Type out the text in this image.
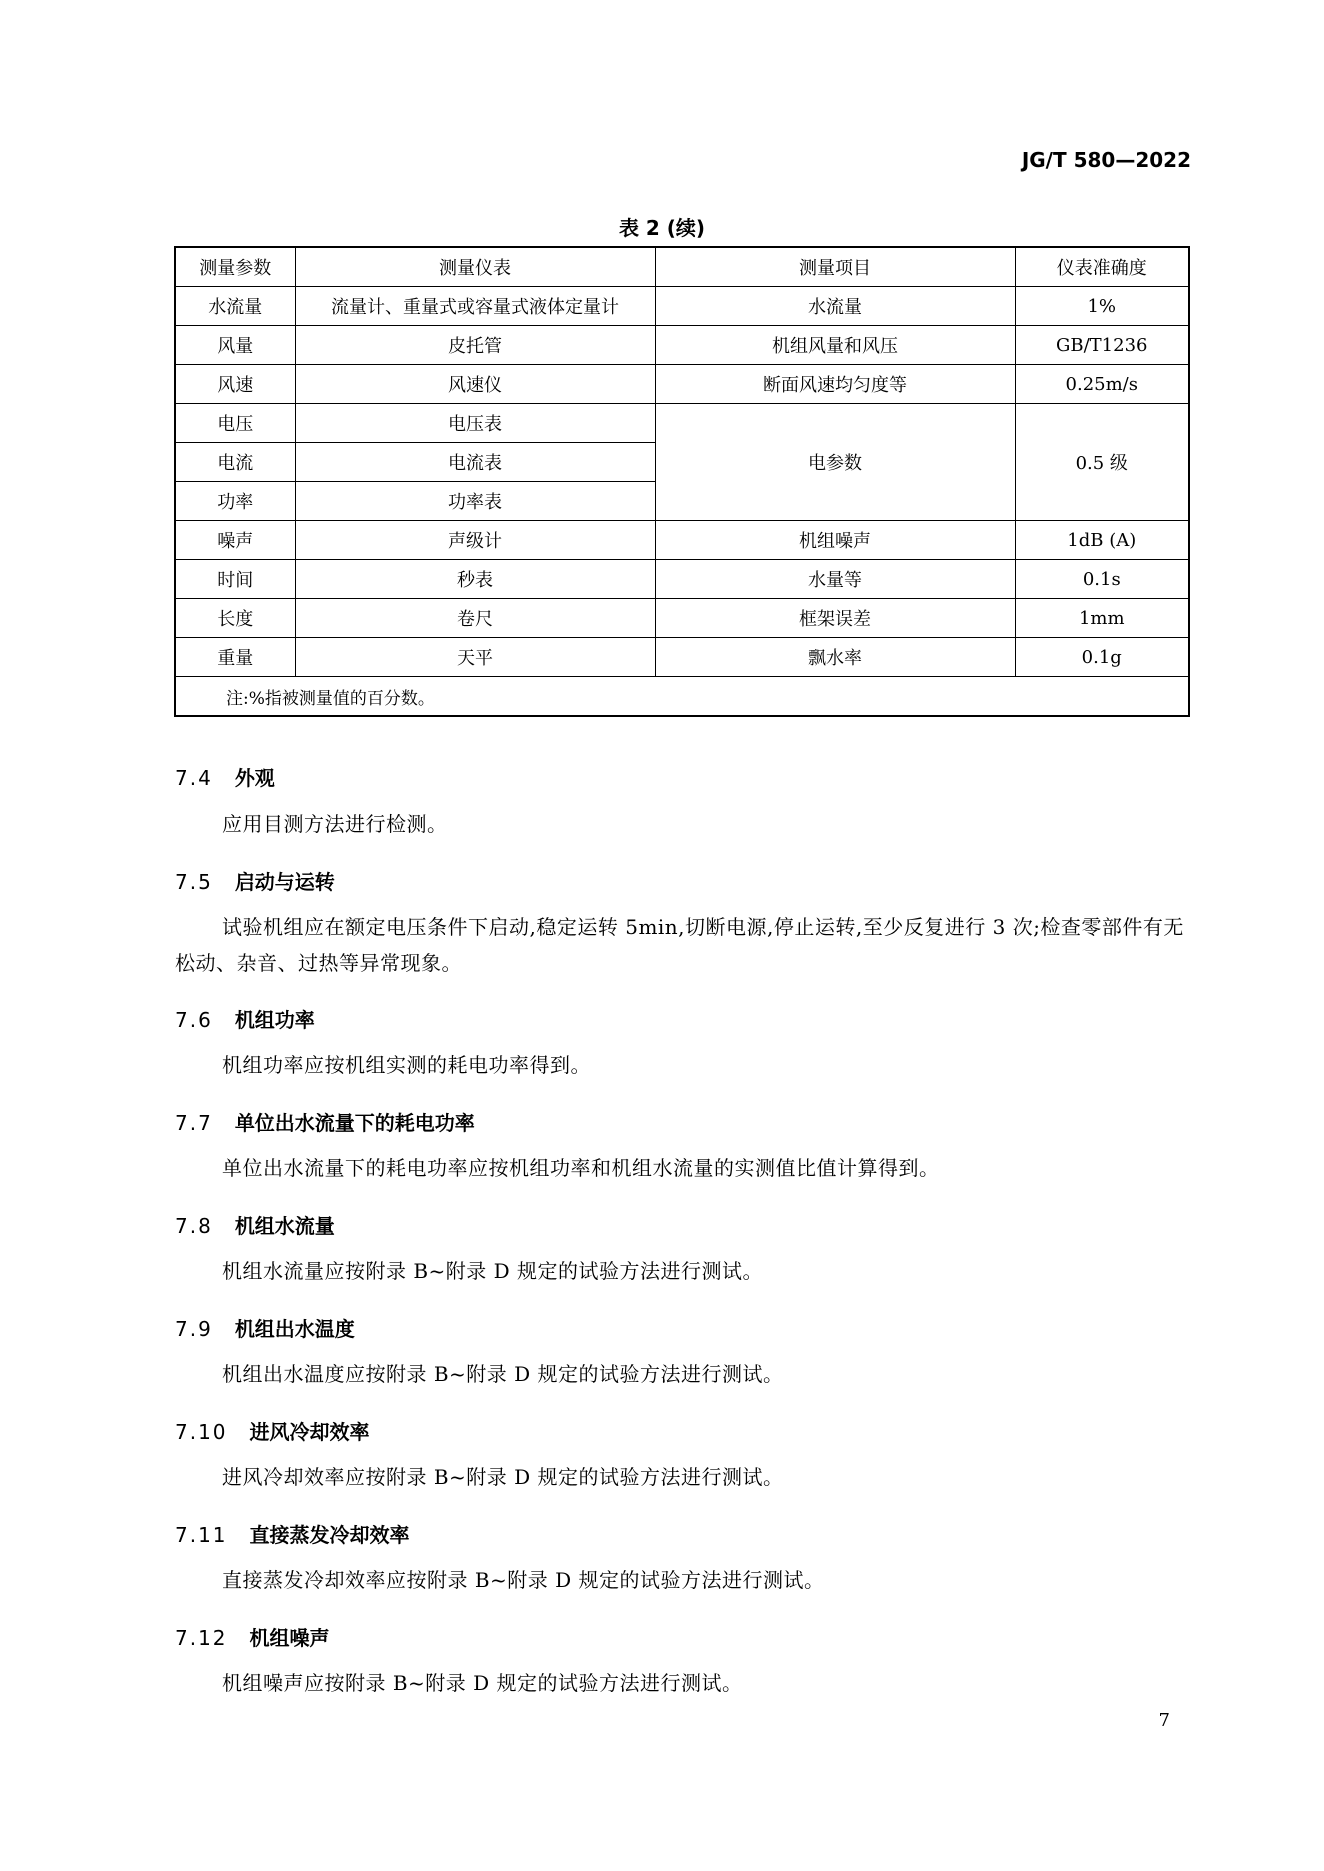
JG/T 580—2022
表 2 (续)
测量参数	测量仪表	测量项目	仪表准确度
水流量	流量计、重量式或容量式液体定量计	水流量	1%
风量	皮托管	机组风量和风压	GB/T1236
风速	风速仪	断面风速均匀度等	0.25m/s
电压	电压表	电参数	0.5 级
电流	电流表		
功率	功率表		
噪声	声级计	机组噪声	1dB (A)
时间	秒表	水量等	0.1s
长度	卷尺	框架误差	1mm
重量	天平	飘水率	0.1g
注:%指被测量值的百分数。			
7.4 外观
应用目测方法进行检测。
7.5 启动与运转
试验机组应在额定电压条件下启动,稳定运转 5min,切断电源,停止运转,至少反复进行 3 次;检查零部件有无松动、杂音、过热等异常现象。
7.6 机组功率
机组功率应按机组实测的耗电功率得到。
7.7 单位出水流量下的耗电功率
单位出水流量下的耗电功率应按机组功率和机组水流量的实测值比值计算得到。
7.8 机组水流量
机组水流量应按附录 B~附录 D 规定的试验方法进行测试。
7.9 机组出水温度
机组出水温度应按附录 B~附录 D 规定的试验方法进行测试。
7.10 进风冷却效率
进风冷却效率应按附录 B~附录 D 规定的试验方法进行测试。
7.11 直接蒸发冷却效率
直接蒸发冷却效率应按附录 B~附录 D 规定的试验方法进行测试。
7.12 机组噪声
机组噪声应按附录 B~附录 D 规定的试验方法进行测试。
7
